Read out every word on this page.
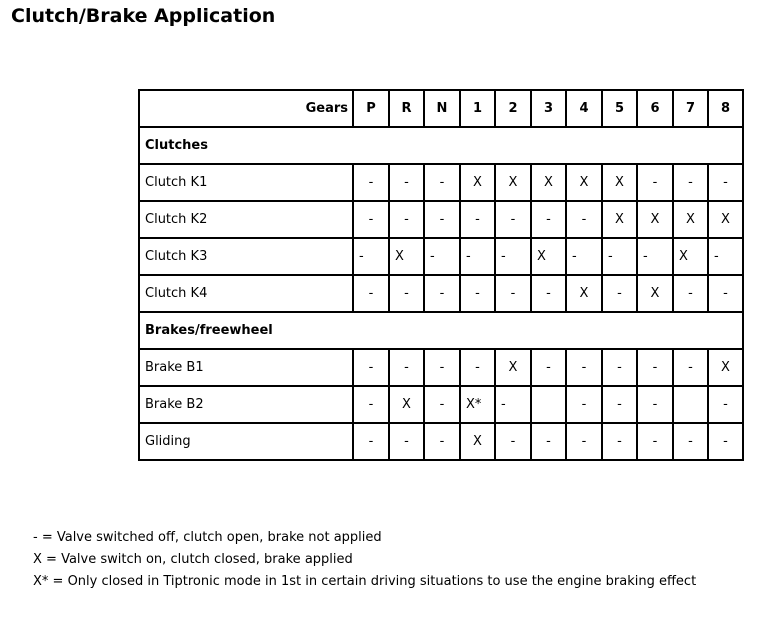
Clutch/Brake Application
Gears	P	R	N	1	2	3	4	5	6	7	8
Clutches											
Clutch K1	-	-	-	X	X	X	X	X	-	-	-
Clutch K2	-	-	-	-	-	-	-	X	X	X	X
Clutch K3	-	X	-	-	-	X	-	-	-	X	-
Clutch K4	-	-	-	-	-	-	X	-	X	-	-
Brakes/freewheel											
Brake B1	-	-	-	-	X	-	-	-	-	-	X
Brake B2	-	X	-	X*	-		-	-	-		-
Gliding	-	-	-	X	-	-	-	-	-	-	-
- = Valve switched off, clutch open, brake not applied
X = Valve switch on, clutch closed, brake applied
X* = Only closed in Tiptronic mode in 1st in certain driving situations to use the engine braking effect
